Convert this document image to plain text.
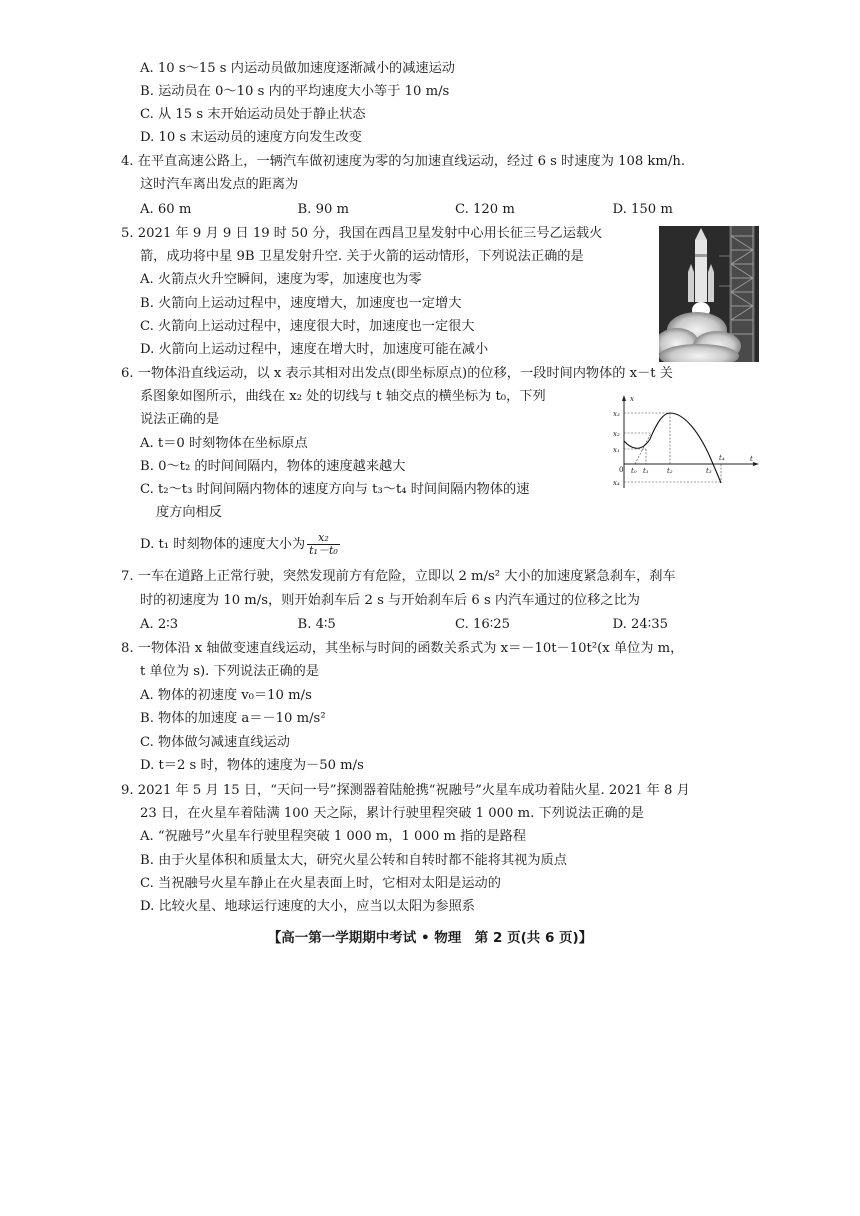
A. 10 s～15 s 内运动员做加速度逐渐减小的减速运动
B. 运动员在 0～10 s 内的平均速度大小等于 10 m/s
C. 从 15 s 末开始运动员处于静止状态
D. 10 s 末运动员的速度方向发生改变
4. 在平直高速公路上，一辆汽车做初速度为零的匀加速直线运动，经过 6 s 时速度为 108 km/h.
这时汽车离出发点的距离为
A. 60 m	B. 90 m	C. 120 m	D. 150 m
5. 2021 年 9 月 9 日 19 时 50 分，我国在西昌卫星发射中心用长征三号乙运载火
箭，成功将中星 9B 卫星发射升空. 关于火箭的运动情形，下列说法正确的是
A. 火箭点火升空瞬间，速度为零，加速度也为零
B. 火箭向上运动过程中，速度增大，加速度也一定增大
C. 火箭向上运动过程中，速度很大时，加速度也一定很大
D. 火箭向上运动过程中，速度在增大时，加速度可能在减小
6. 一物体沿直线运动，以 x 表示其相对出发点(即坐标原点)的位移，一段时间内物体的 x－t 关
系图象如图所示，曲线在 x₂ 处的切线与 t 轴交点的横坐标为 t₀，下列
说法正确的是
A. t＝0 时刻物体在坐标原点
B. 0～t₂ 的时间间隔内，物体的速度越来越大
C. t₂～t₃ 时间间隔内物体的速度方向与 t₃～t₄ 时间间隔内物体的速
度方向相反
D. t₁ 时刻物体的速度大小为 $\frac{\text{x₂}}{\text{t₁－t₀}}$
x
t
0
x₃
x₂
x₁
x₄
t₀ t₁	t₂	t₃
t₄
7. 一车在道路上正常行驶，突然发现前方有危险，立即以 2 m/s² 大小的加速度紧急刹车，刹车
时的初速度为 10 m/s，则开始刹车后 2 s 与开始刹车后 6 s 内汽车通过的位移之比为
A. 2∶3	B. 4∶5	C. 16∶25	D. 24∶35
8. 一物体沿 x 轴做变速直线运动，其坐标与时间的函数关系式为 x＝－10t－10t²(x 单位为 m，
t 单位为 s). 下列说法正确的是
A. 物体的初速度 v₀＝10 m/s
B. 物体的加速度 a＝－10 m/s²
C. 物体做匀减速直线运动
D. t＝2 s 时，物体的速度为－50 m/s
9. 2021 年 5 月 15 日，“天问一号”探测器着陆舱携“祝融号”火星车成功着陆火星. 2021 年 8 月
23 日，在火星车着陆满 100 天之际，累计行驶里程突破 1 000 m. 下列说法正确的是
A. “祝融号”火星车行驶里程突破 1 000 m，1 000 m 指的是路程
B. 由于火星体积和质量太大，研究火星公转和自转时都不能将其视为质点
C. 当祝融号火星车静止在火星表面上时，它相对太阳是运动的
D. 比较火星、地球运行速度的大小，应当以太阳为参照系
【高一第一学期期中考试 • 物理　第 2 页(共 6 页)】
